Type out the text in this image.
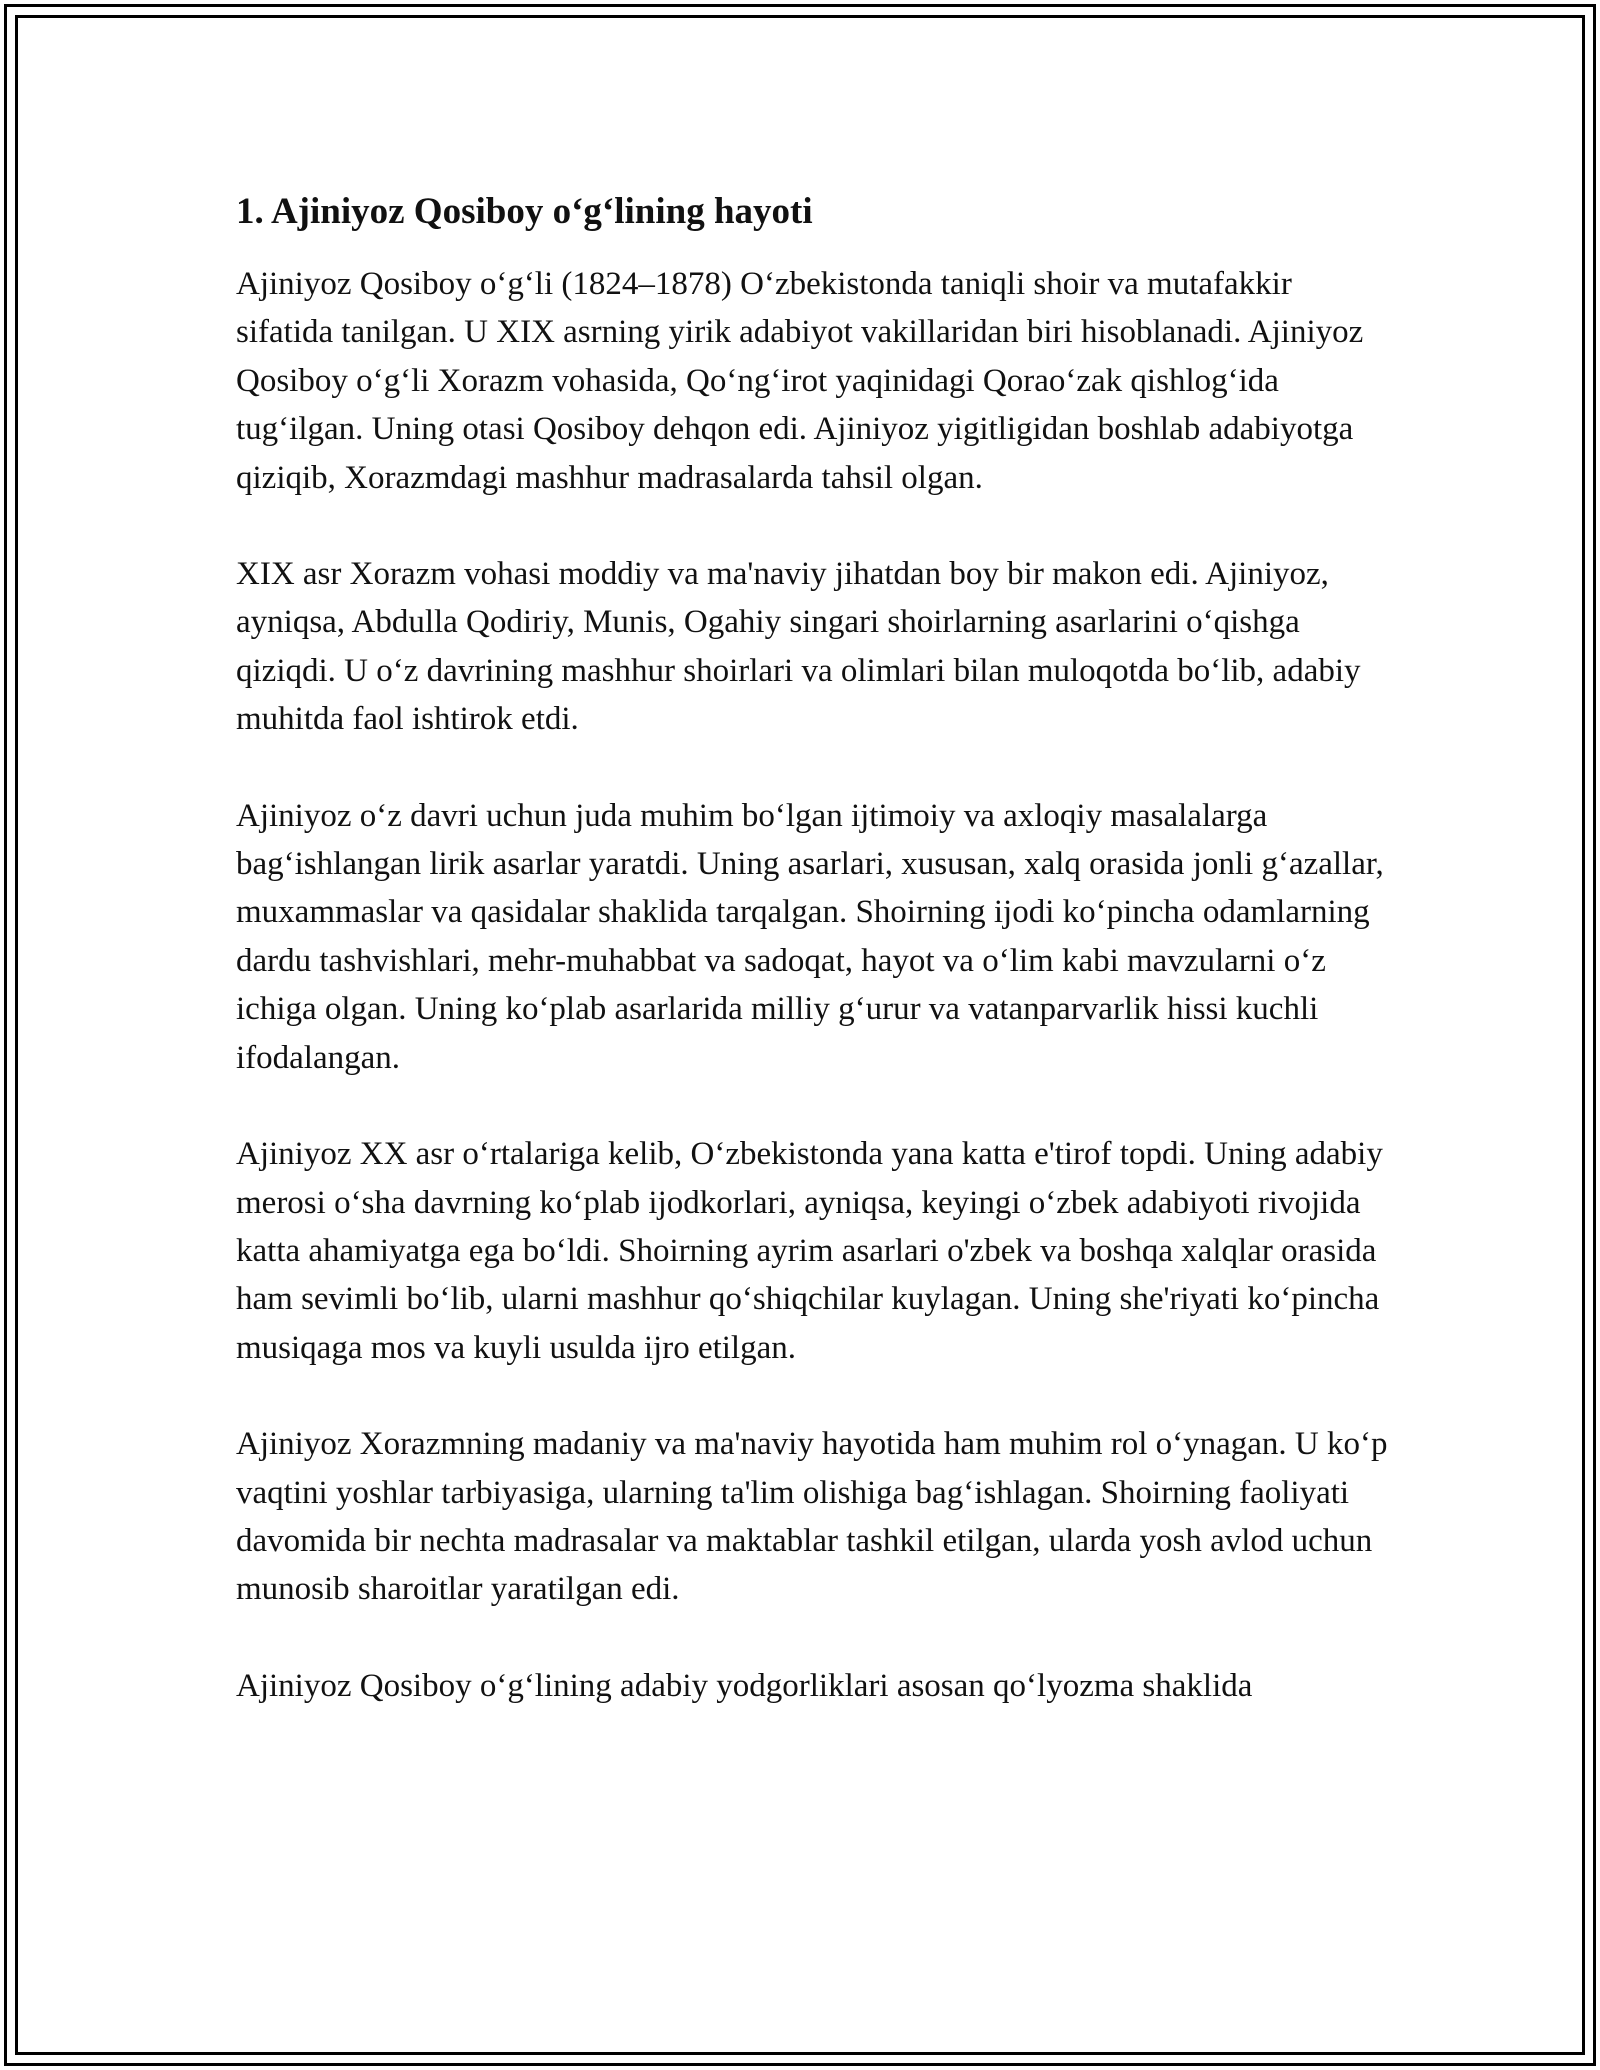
1. Ajiniyoz Qosiboy o‘g‘lining hayoti

Ajiniyoz Qosiboy o‘g‘li (1824–1878) O‘zbekistonda taniqli shoir va mutafakkir sifatida tanilgan. U XIX asrning yirik adabiyot vakillaridan biri hisoblanadi. Ajiniyoz Qosiboy o‘g‘li Xorazm vohasida, Qo‘ng‘irot yaqinidagi Qorao‘zak qishlog‘ida tug‘ilgan. Uning otasi Qosiboy dehqon edi. Ajiniyoz yigitligidan boshlab adabiyotga qiziqib, Xorazmdagi mashhur madrasalarda tahsil olgan.

XIX asr Xorazm vohasi moddiy va ma'naviy jihatdan boy bir makon edi. Ajiniyoz, ayniqsa, Abdulla Qodiriy, Munis, Ogahiy singari shoirlarning asarlarini o‘qishga qiziqdi. U o‘z davrining mashhur shoirlari va olimlari bilan muloqotda bo‘lib, adabiy muhitda faol ishtirok etdi.

Ajiniyoz o‘z davri uchun juda muhim bo‘lgan ijtimoiy va axloqiy masalalarga bag‘ishlangan lirik asarlar yaratdi. Uning asarlari, xususan, xalq orasida jonli g‘azallar, muxammaslar va qasidalar shaklida tarqalgan. Shoirning ijodi ko‘pincha odamlarning dardu tashvishlari, mehr-muhabbat va sadoqat, hayot va o‘lim kabi mavzularni o‘z ichiga olgan. Uning ko‘plab asarlarida milliy g‘urur va vatanparvarlik hissi kuchli ifodalangan.

Ajiniyoz XX asr o‘rtalariga kelib, O‘zbekistonda yana katta e'tirof topdi. Uning adabiy merosi o‘sha davrning ko‘plab ijodkorlari, ayniqsa, keyingi o‘zbek adabiyoti rivojida katta ahamiyatga ega bo‘ldi. Shoirning ayrim asarlari o'zbek va boshqa xalqlar orasida ham sevimli bo‘lib, ularni mashhur qo‘shiqchilar kuylagan. Uning she'riyati ko‘pincha musiqaga mos va kuyli usulda ijro etilgan.

Ajiniyoz Xorazmning madaniy va ma'naviy hayotida ham muhim rol o‘ynagan. U ko‘p vaqtini yoshlar tarbiyasiga, ularning ta'lim olishiga bag‘ishlagan. Shoirning faoliyati davomida bir nechta madrasalar va maktablar tashkil etilgan, ularda yosh avlod uchun munosib sharoitlar yaratilgan edi.

Ajiniyoz Qosiboy o‘g‘lining adabiy yodgorliklari asosan qo‘lyozma shaklida
